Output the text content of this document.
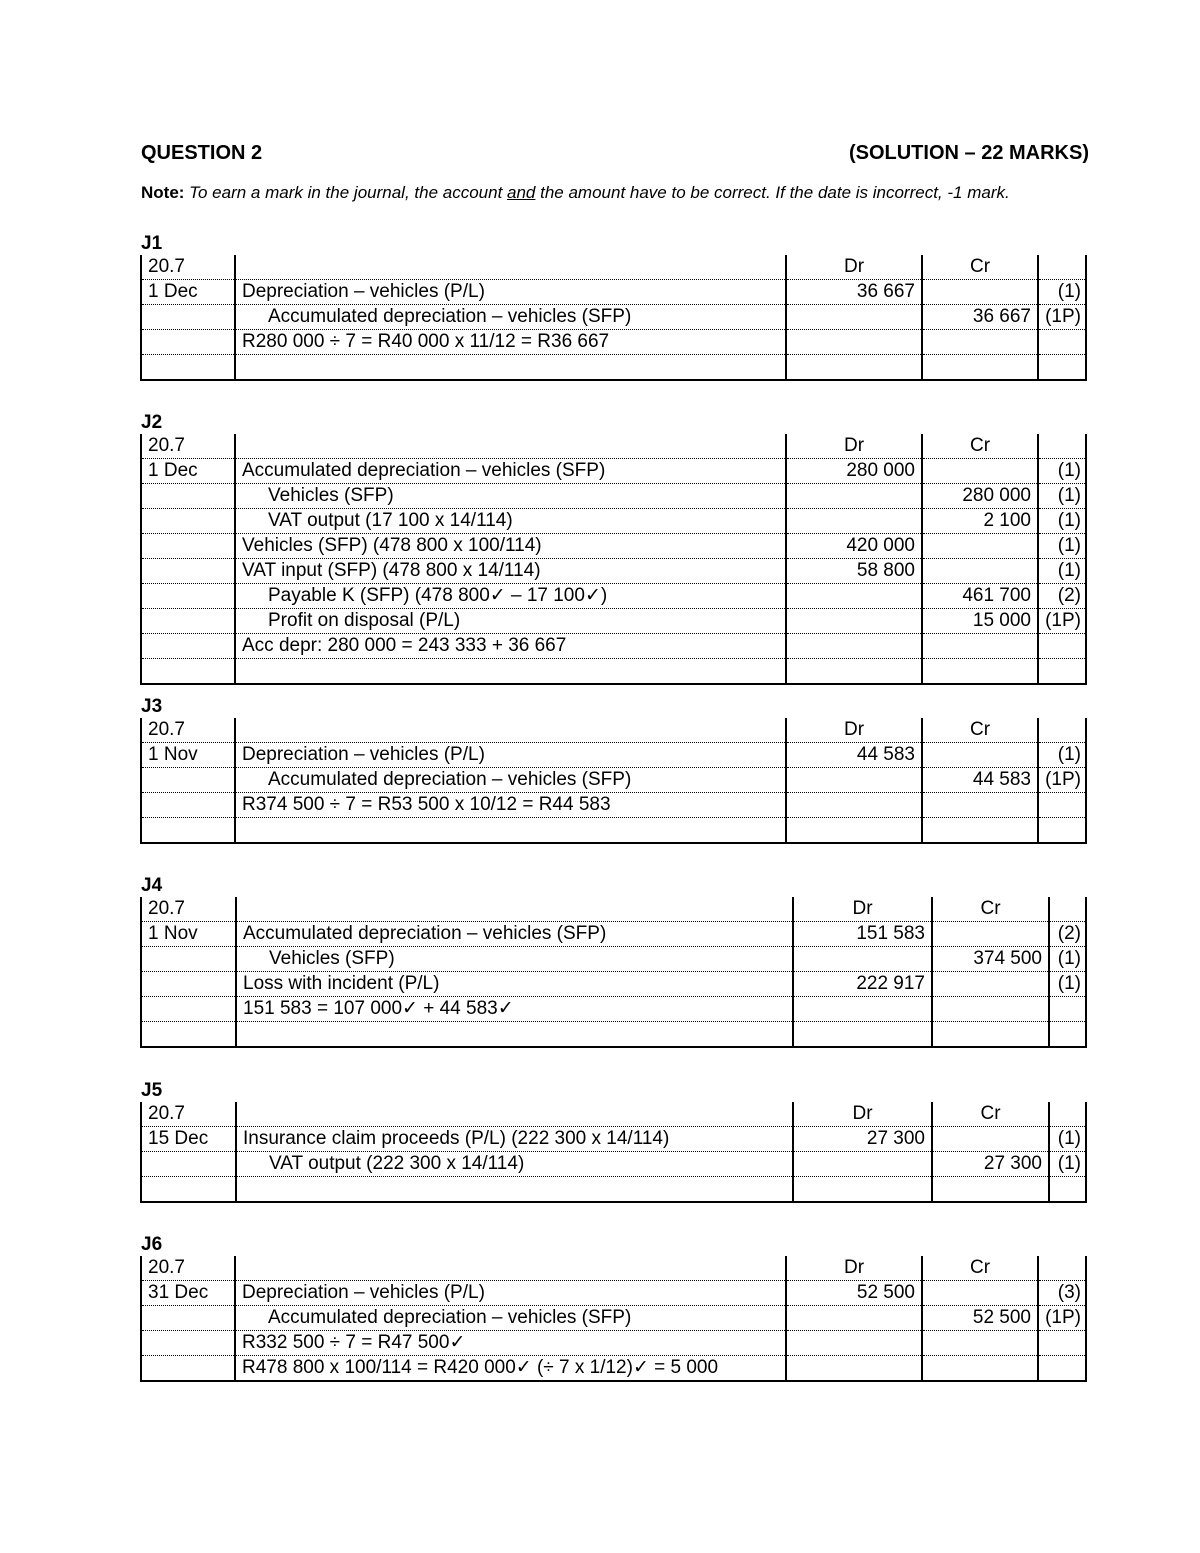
QUESTION 2	(SOLUTION – 22 MARKS)
Note: To earn a mark in the journal, the account and the amount have to be correct. If the date is incorrect, -1 mark.
J1
20.7		Dr	Cr	
1 Dec	Depreciation – vehicles (P/L)	36 667		(1)
	Accumulated depreciation – vehicles (SFP)		36 667	(1P)
	R280 000 ÷ 7 = R40 000 x 11/12 = R36 667			

J2
20.7		Dr	Cr	
1 Dec	Accumulated depreciation – vehicles (SFP)	280 000		(1)
	Vehicles (SFP)		280 000	(1)
	VAT output (17 100 x 14/114)		2 100	(1)
	Vehicles (SFP) (478 800 x 100/114)	420 000		(1)
	VAT input (SFP) (478 800 x 14/114)	58 800		(1)
	Payable K (SFP) (478 800✓ – 17 100✓)		461 700	(2)
	Profit on disposal (P/L)		15 000	(1P)
	Acc depr: 280 000 = 243 333 + 36 667			

J3
20.7		Dr	Cr	
1 Nov	Depreciation – vehicles (P/L)	44 583		(1)
	Accumulated depreciation – vehicles (SFP)		44 583	(1P)
	R374 500 ÷ 7 = R53 500 x 10/12 = R44 583			

J4
20.7		Dr	Cr	
1 Nov	Accumulated depreciation – vehicles (SFP)	151 583		(2)
	Vehicles (SFP)		374 500	(1)
	Loss with incident (P/L)	222 917		(1)
	151 583 = 107 000✓ + 44 583✓			

J5
20.7		Dr	Cr	
15 Dec	Insurance claim proceeds (P/L) (222 300 x 14/114)	27 300		(1)
	VAT output (222 300 x 14/114)		27 300	(1)

J6
20.7		Dr	Cr	
31 Dec	Depreciation – vehicles (P/L)	52 500		(3)
	Accumulated depreciation – vehicles (SFP)		52 500	(1P)
	R332 500 ÷ 7 = R47 500✓			
	R478 800 x 100/114 = R420 000✓ (÷ 7 x 1/12)✓ = 5 000			
